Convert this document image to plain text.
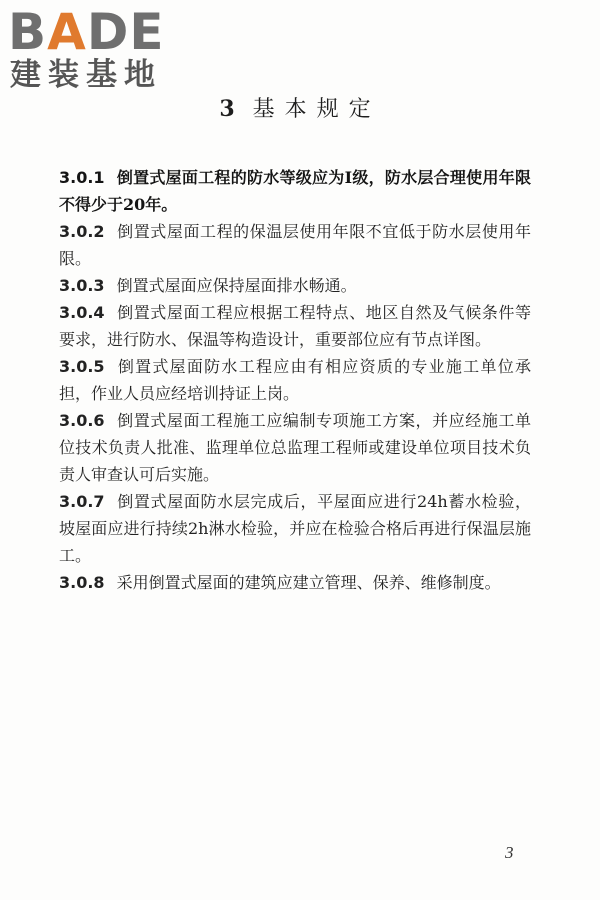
BADE
建装基地
3 基本规定

3.0.1 倒置式屋面工程的防水等级应为Ⅰ级，防水层合理使用年限不得少于20年。

3.0.2 倒置式屋面工程的保温层使用年限不宜低于防水层使用年限。

3.0.3 倒置式屋面应保持屋面排水畅通。

3.0.4 倒置式屋面工程应根据工程特点、地区自然及气候条件等要求，进行防水、保温等构造设计，重要部位应有节点详图。

3.0.5 倒置式屋面防水工程应由有相应资质的专业施工单位承担，作业人员应经培训持证上岗。

3.0.6 倒置式屋面工程施工应编制专项施工方案，并应经施工单位技术负责人批准、监理单位总监理工程师或建设单位项目技术负责人审查认可后实施。

3.0.7 倒置式屋面防水层完成后，平屋面应进行24h蓄水检验，坡屋面应进行持续2h淋水检验，并应在检验合格后再进行保温层施工。

3.0.8 采用倒置式屋面的建筑应建立管理、保养、维修制度。

3
